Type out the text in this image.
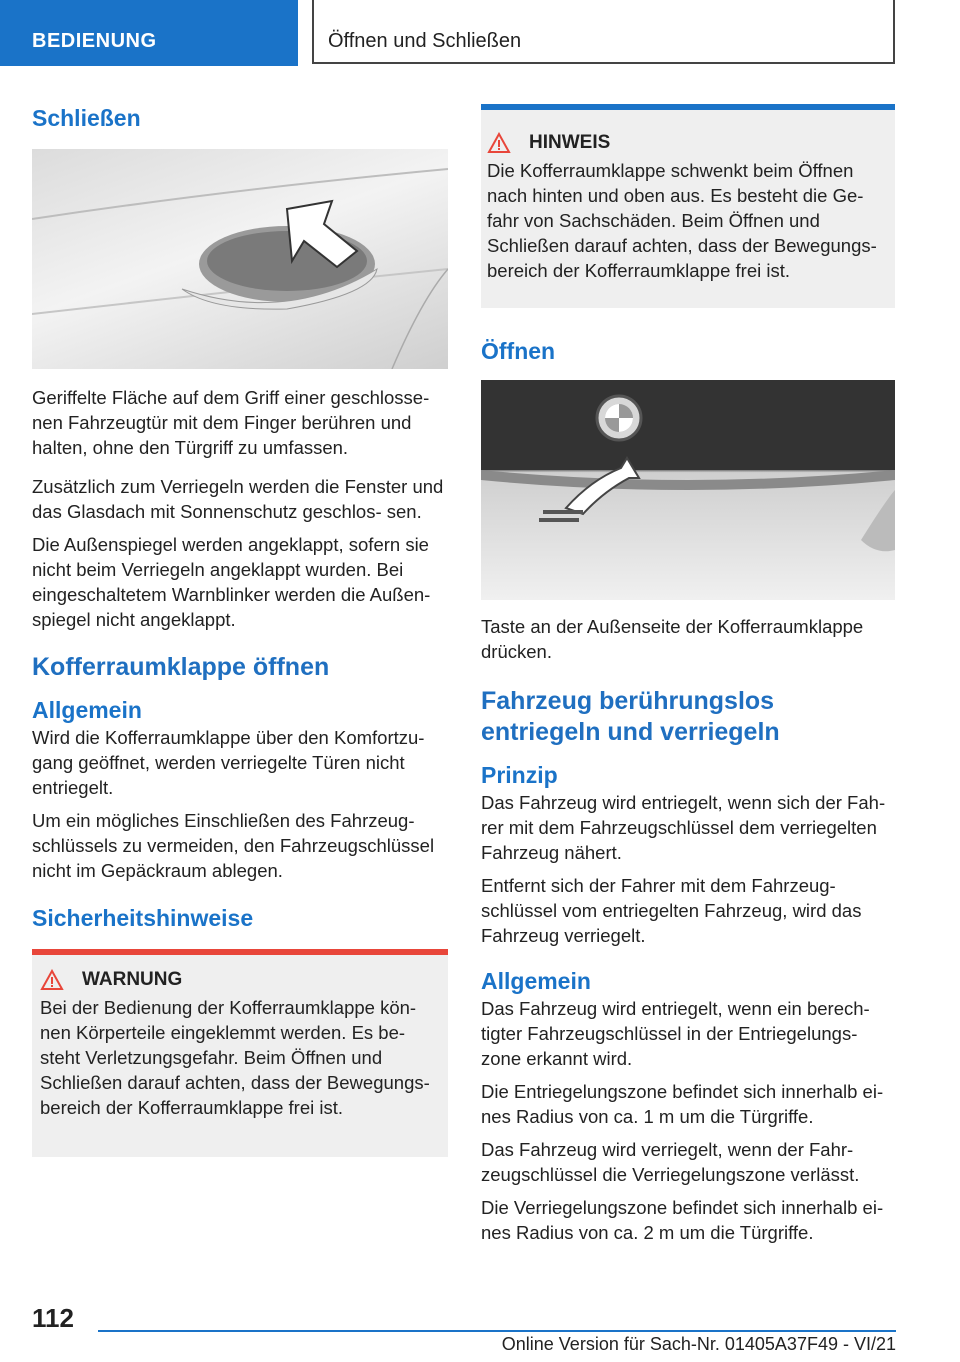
BEDIENUNG	Öffnen und Schließen
Schließen

Geriffelte Fläche auf dem Griff einer geschlosse- nen Fahrzeugtür mit dem Finger berühren und halten, ohne den Türgriff zu umfassen.

Zusätzlich zum Verriegeln werden die Fenster und das Glasdach mit Sonnenschutz geschlos- sen.

Die Außenspiegel werden angeklappt, sofern sie nicht beim Verriegeln angeklappt wurden. Bei eingeschaltetem Warnblinker werden die Außen- spiegel nicht angeklappt.

Kofferraumklappe öffnen
Allgemein

Wird die Kofferraumklappe über den Komfortzu- gang geöffnet, werden verriegelte Türen nicht entriegelt.

Um ein mögliches Einschließen des Fahrzeug- schlüssels zu vermeiden, den Fahrzeugschlüssel nicht im Gepäckraum ablegen.

Sicherheitshinweise
WARNUNG

Bei der Bedienung der Kofferraumklappe kön- nen Körperteile eingeklemmt werden. Es be- steht Verletzungsgefahr. Beim Öffnen und Schließen darauf achten, dass der Bewegungs- bereich der Kofferraumklappe frei ist.

HINWEIS

Die Kofferraumklappe schwenkt beim Öffnen nach hinten und oben aus. Es besteht die Ge- fahr von Sachschäden. Beim Öffnen und Schließen darauf achten, dass der Bewegungs- bereich der Kofferraumklappe frei ist.

Öffnen

Taste an der Außenseite der Kofferraumklappe drücken.

Fahrzeug berührungslos entriegeln und verriegeln
Prinzip

Das Fahrzeug wird entriegelt, wenn sich der Fah- rer mit dem Fahrzeugschlüssel dem verriegelten Fahrzeug nähert.

Entfernt sich der Fahrer mit dem Fahrzeug- schlüssel vom entriegelten Fahrzeug, wird das Fahrzeug verriegelt.

Allgemein

Das Fahrzeug wird entriegelt, wenn ein berech- tigter Fahrzeugschlüssel in der Entriegelungs- zone erkannt wird.

Die Entriegelungszone befindet sich innerhalb ei- nes Radius von ca. 1 m um die Türgriffe.

Das Fahrzeug wird verriegelt, wenn der Fahr- zeugschlüssel die Verriegelungszone verlässt.

Die Verriegelungszone befindet sich innerhalb ei- nes Radius von ca. 2 m um die Türgriffe.

112
Online Version für Sach-Nr. 01405A37F49 - VI/21
